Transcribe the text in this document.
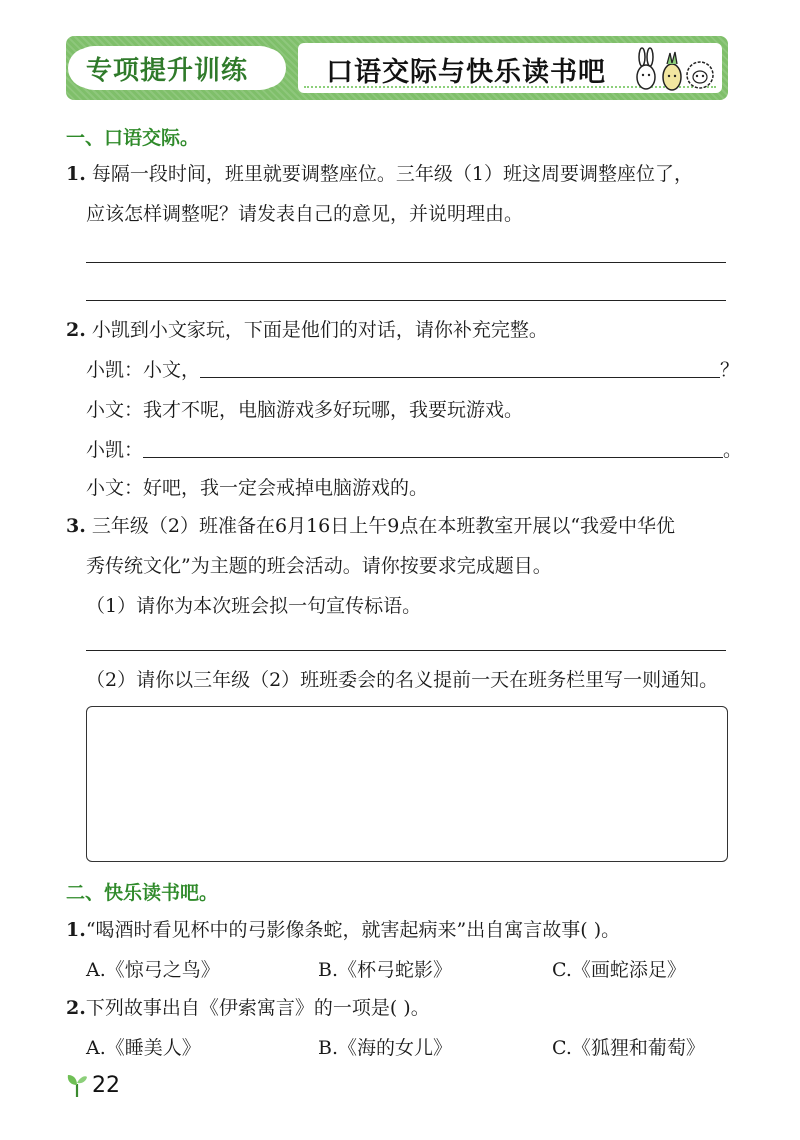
专项提升训练	口语交际与快乐读书吧
一、口语交际。
1. 每隔一段时间，班里就要调整座位。三年级（1）班这周要调整座位了，
应该怎样调整呢？请发表自己的意见，并说明理由。
2. 小凯到小文家玩，下面是他们的对话，请你补充完整。
小凯：小文，	？
小文：我才不呢，电脑游戏多好玩哪，我要玩游戏。
小凯：	。
小文：好吧，我一定会戒掉电脑游戏的。
3. 三年级（2）班准备在6月16日上午9点在本班教室开展以“我爱中华优
秀传统文化”为主题的班会活动。请你按要求完成题目。
（1）请你为本次班会拟一句宣传标语。
（2）请你以三年级（2）班班委会的名义提前一天在班务栏里写一则通知。
二、快乐读书吧。
1.“喝酒时看见杯中的弓影像条蛇，就害起病来”出自寓言故事( )。
A.《惊弓之鸟》	B.《杯弓蛇影》	C.《画蛇添足》
2.下列故事出自《伊索寓言》的一项是( )。
A.《睡美人》	B.《海的女儿》	C.《狐狸和葡萄》
22
